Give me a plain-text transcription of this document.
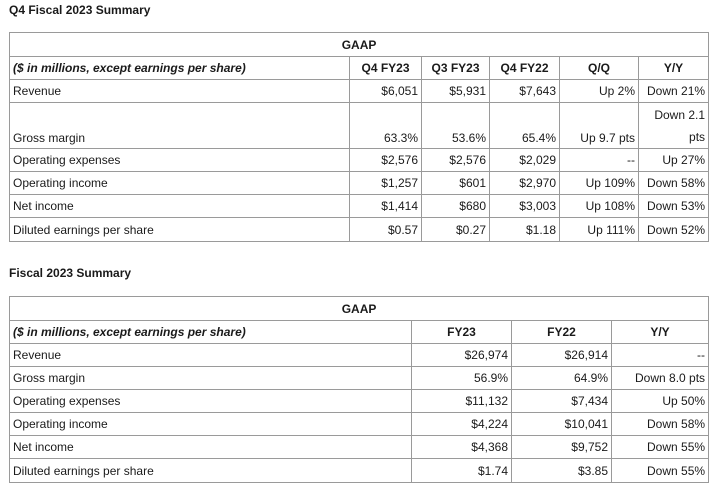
Q4 Fiscal 2023 Summary
GAAP					
($ in millions, except earnings per share)	Q4 FY23	Q3 FY23	Q4 FY22	Q/Q	Y/Y
Revenue	$6,051	$5,931	$7,643	Up 2%	Down 21%
Gross margin	63.3%	53.6%	65.4%	Up 9.7 pts	Down 2.1 pts
Operating expenses	$2,576	$2,576	$2,029	--	Up 27%
Operating income	$1,257	$601	$2,970	Up 109%	Down 58%
Net income	$1,414	$680	$3,003	Up 108%	Down 53%
Diluted earnings per share	$0.57	$0.27	$1.18	Up 111%	Down 52%
Fiscal 2023 Summary
GAAP			
($ in millions, except earnings per share)	FY23	FY22	Y/Y
Revenue	$26,974	$26,914	--
Gross margin	56.9%	64.9%	Down 8.0 pts
Operating expenses	$11,132	$7,434	Up 50%
Operating income	$4,224	$10,041	Down 58%
Net income	$4,368	$9,752	Down 55%
Diluted earnings per share	$1.74	$3.85	Down 55%
